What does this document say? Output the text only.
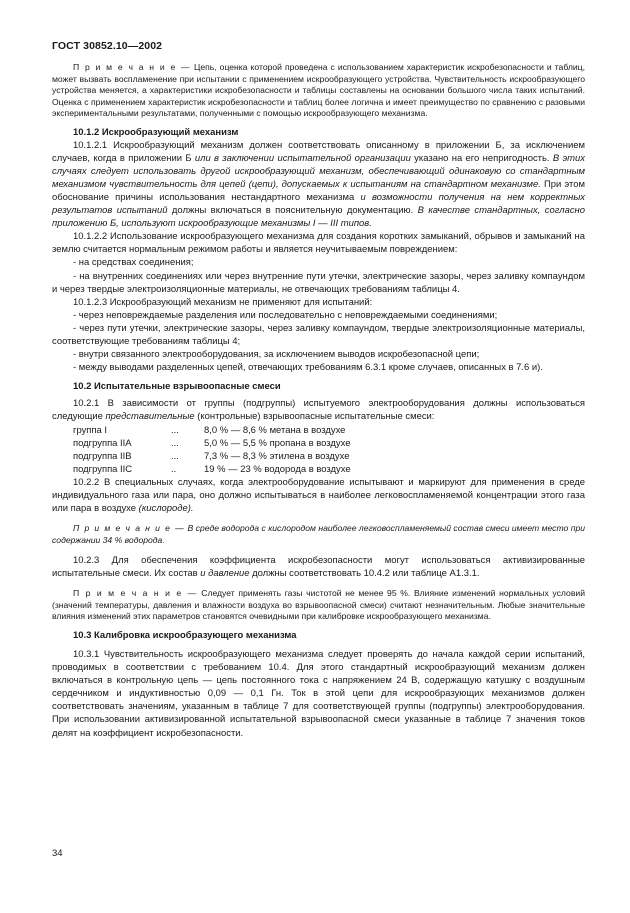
ГОСТ 30852.10—2002

П р и м е ч а н и е — Цепь, оценка которой проведена с использованием характеристик искробезопасности и таблиц, может вызвать воспламенение при испытании с применением искрообразующего устройства. Чувствительность искрообразующего устройства меняется, а характеристики искробезопасности и таблицы составлены на основании большого числа таких испытаний. Оценка с применением характеристик искробезопасности и таблиц более логична и имеет преимущество по сравнению с разовыми экспериментальными результатами, полученными с помощью искрообразующего механизма.

10.1.2 Искрообразующий механизм

10.1.2.1 Искрообразующий механизм должен соответствовать описанному в приложении Б, за исключением случаев, когда в приложении Б или в заключении испытательной организации указано на его непригодность. В этих случаях следует использовать другой искрообразующий механизм, обеспечивающий одинаковую со стандартным механизмом чувствительность для цепей (цепи), допускаемых к испытаниям на стандартном механизме. При этом обоснование причины использования нестандартного механизма и возможности получения на нем корректных результатов испытаний должны включаться в пояснительную документацию. В качестве стандартных, согласно приложению Б, используют искрообразующие механизмы I — III типов.

10.1.2.2 Использование искрообразующего механизма для создания коротких замыканий, обрывов и замыканий на землю считается нормальным режимом работы и является неучитываемым повреждением:

- на средствах соединения;

- на внутренних соединениях или через внутренние пути утечки, электрические зазоры, через заливку компаундом и через твердые электроизоляционные материалы, не отвечающих требованиям таблицы 4.

10.1.2.3 Искрообразующий механизм не применяют для испытаний:

- через неповреждаемые разделения или последовательно с неповреждаемыми соединениями;

- через пути утечки, электрические зазоры, через заливку компаундом, твердые электроизоляционные материалы, соответствующие требованиям таблицы 4;

- внутри связанного электрооборудования, за исключением выводов искробезопасной цепи;

- между выводами разделенных цепей, отвечающих требованиям 6.3.1 кроме случаев, описанных в 7.6 и).

10.2 Испытательные взрывоопасные смеси

10.2.1 В зависимости от группы (подгруппы) испытуемого электрооборудования должны использоваться следующие представительные (контрольные) взрывоопасные испытательные смеси:

группа I	...	8,0 % — 8,6 % метана в воздухе
подгруппа IIA	...	5,0 % — 5,5 % пропана в воздухе
подгруппа IIB	...	7,3 % — 8,3 % этилена в воздухе
подгруппа IIC	..	19 % — 23 % водорода в воздухе

10.2.2 В специальных случаях, когда электрооборудование испытывают и маркируют для применения в среде индивидуального газа или пара, оно должно испытываться в наиболее легковоспламеняемой концентрации этого газа или пара в воздухе (кислороде).

П р и м е ч а н и е — В среде водорода с кислородом наиболее легковоспламеняемый состав смеси имеет место при содержании 34 % водорода.

10.2.3 Для обеспечения коэффициента искробезопасности могут использоваться активизированные испытательные смеси. Их состав и давление должны соответствовать 10.4.2 или таблице А1.3.1.

П р и м е ч а н и е — Следует применять газы чистотой не менее 95 %. Влияние изменений нормальных условий (значений температуры, давления и влажности воздуха во взрывоопасной смеси) считают незначительным. Любые значительные влияния изменений этих параметров становятся очевидными при калибровке искрообразующего механизма.

10.3 Калибровка искрообразующего механизма

10.3.1 Чувствительность искрообразующего механизма следует проверять до начала каждой серии испытаний, проводимых в соответствии с требованием 10.4. Для этого стандартный искрообразующий механизм должен включаться в контрольную цепь — цепь постоянного тока с напряжением 24 В, содержащую катушку с воздушным сердечником и индуктивностью 0,09 — 0,1 Гн. Ток в этой цепи для искрообразующих механизмов должен соответствовать значениям, указанным в таблице 7 для соответствующей группы (подгруппы) электрооборудования. При использовании активизированной испытательной взрывоопасной смеси указанные в таблице 7 значения токов делят на коэффициент искробезопасности.

34
